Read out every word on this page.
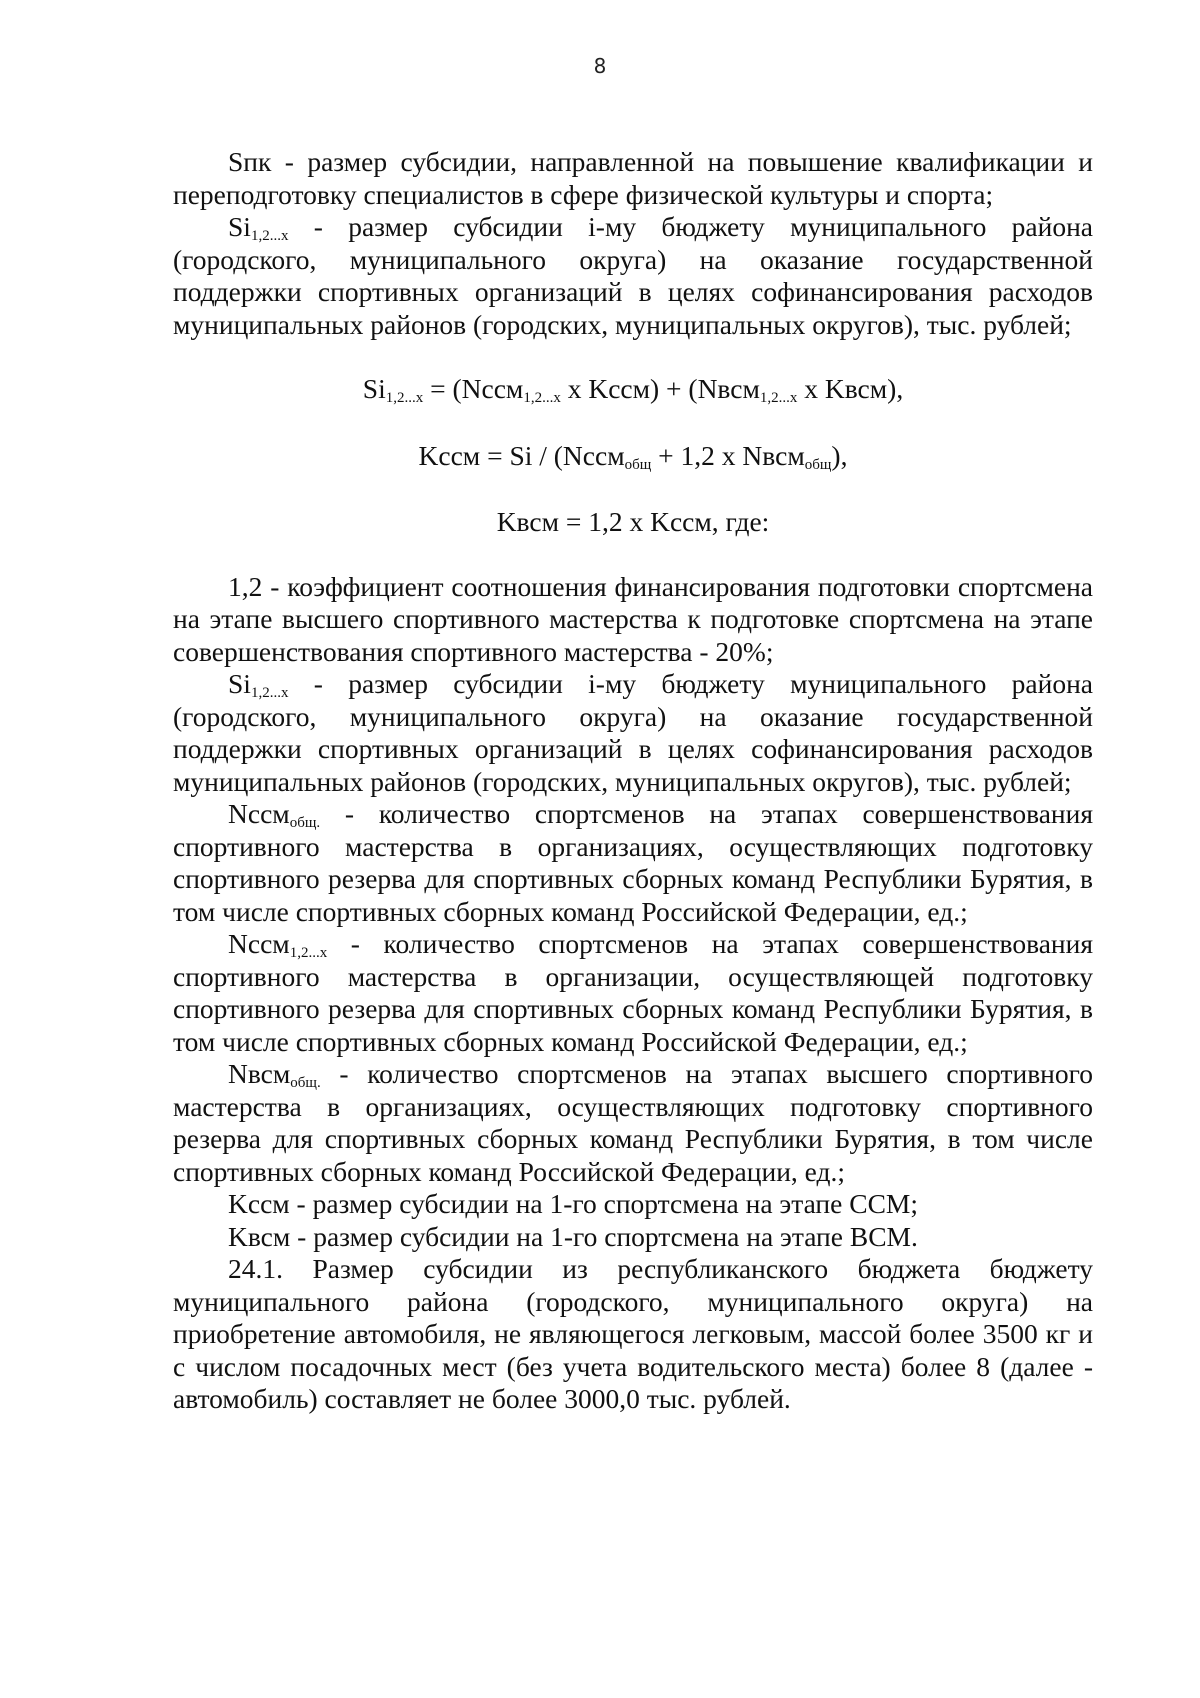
8

Sпк - размер субсидии, направленной на повышение квалификации и переподготовку специалистов в сфере физической культуры и спорта;

$Si_{1,2...x}$ - размер субсидии i-му бюджету муниципального района (городского, муниципального округа) на оказание государственной поддержки спортивных организаций в целях софинансирования расходов муниципальных районов (городских, муниципальных округов), тыс. рублей;

$Si_{1,2...x}$ = (Nссм$_{1,2...x}$ x Kссм) + (Nвсм$_{1,2...x}$ x Kвсм),

Kссм = Si / (Nссм$_{общ}$ + 1,2 x Nвсм$_{общ}$),

Kвсм = 1,2 x Kссм, где:

1,2 - коэффициент соотношения финансирования подготовки спортсмена на этапе высшего спортивного мастерства к подготовке спортсмена на этапе совершенствования спортивного мастерства - 20%;

$Si_{1,2...x}$ - размер субсидии i-му бюджету муниципального района (городского, муниципального округа) на оказание государственной поддержки спортивных организаций в целях софинансирования расходов муниципальных районов (городских, муниципальных округов), тыс. рублей;

Nссм$_{общ.}$ - количество спортсменов на этапах совершенствования спортивного мастерства в организациях, осуществляющих подготовку спортивного резерва для спортивных сборных команд Республики Бурятия, в том числе спортивных сборных команд Российской Федерации, ед.;

Nссм$_{1,2...x}$ - количество спортсменов на этапах совершенствования спортивного мастерства в организации, осуществляющей подготовку спортивного резерва для спортивных сборных команд Республики Бурятия, в том числе спортивных сборных команд Российской Федерации, ед.;

Nвсм$_{общ.}$ - количество спортсменов на этапах высшего спортивного мастерства в организациях, осуществляющих подготовку спортивного резерва для спортивных сборных команд Республики Бурятия, в том числе спортивных сборных команд Российской Федерации, ед.;

Kссм - размер субсидии на 1-го спортсмена на этапе ССМ;

Kвсм - размер субсидии на 1-го спортсмена на этапе ВСМ.

24.1. Размер субсидии из республиканского бюджета бюджету муниципального района (городского, муниципального округа) на приобретение автомобиля, не являющегося легковым, массой более 3500 кг и с числом посадочных мест (без учета водительского места) более 8 (далее - автомобиль) составляет не более 3000,0 тыс. рублей.
